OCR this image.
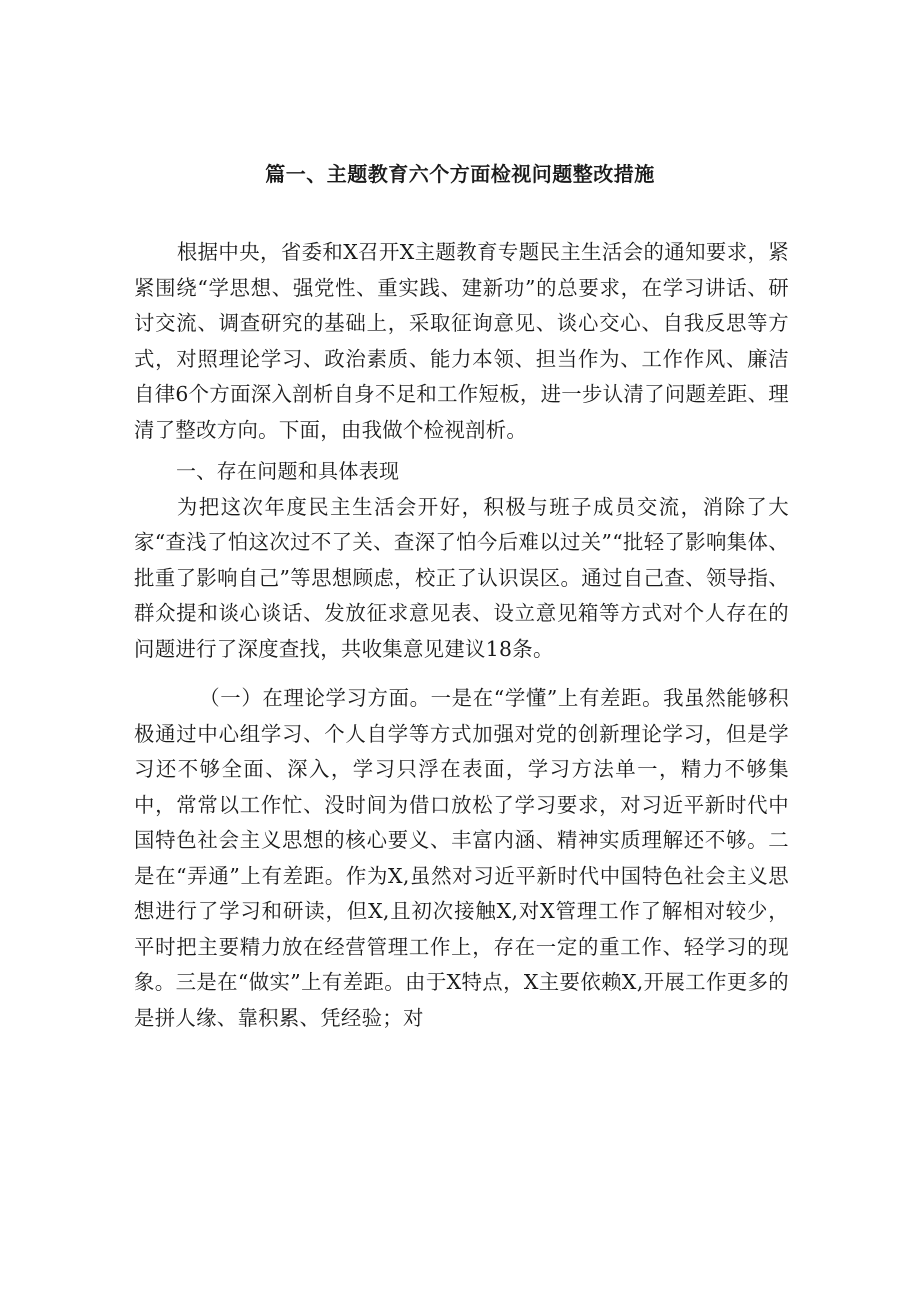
篇一、主题教育六个方面检视问题整改措施

根据中央，省委和X召开X主题教育专题民主生活会的通知要求，紧紧围绕“学思想、强党性、重实践、建新功”的总要求，在学习讲话、研讨交流、调查研究的基础上，采取征询意见、谈心交心、自我反思等方式，对照理论学习、政治素质、能力本领、担当作为、工作作风、廉洁自律6个方面深入剖析自身不足和工作短板，进一步认清了问题差距、理清了整改方向。下面，由我做个检视剖析。

一、存在问题和具体表现

为把这次年度民主生活会开好，积极与班子成员交流，消除了大家“查浅了怕这次过不了关、查深了怕今后难以过关”“批轻了影响集体、批重了影响自己”等思想顾虑，校正了认识误区。通过自己查、领导指、群众提和谈心谈话、发放征求意见表、设立意见箱等方式对个人存在的问题进行了深度查找，共收集意见建议18条。

（一）在理论学习方面。一是在“学懂”上有差距。我虽然能够积极通过中心组学习、个人自学等方式加强对党的创新理论学习，但是学习还不够全面、深入，学习只浮在表面，学习方法单一，精力不够集中，常常以工作忙、没时间为借口放松了学习要求，对习近平新时代中国特色社会主义思想的核心要义、丰富内涵、精神实质理解还不够。二是在“弄通”上有差距。作为X,虽然对习近平新时代中国特色社会主义思想进行了学习和研读，但X,且初次接触X,对X管理工作了解相对较少，平时把主要精力放在经营管理工作上，存在一定的重工作、轻学习的现象。三是在“做实”上有差距。由于X特点，X主要依赖X,开展工作更多的是拼人缘、靠积累、凭经验；对
